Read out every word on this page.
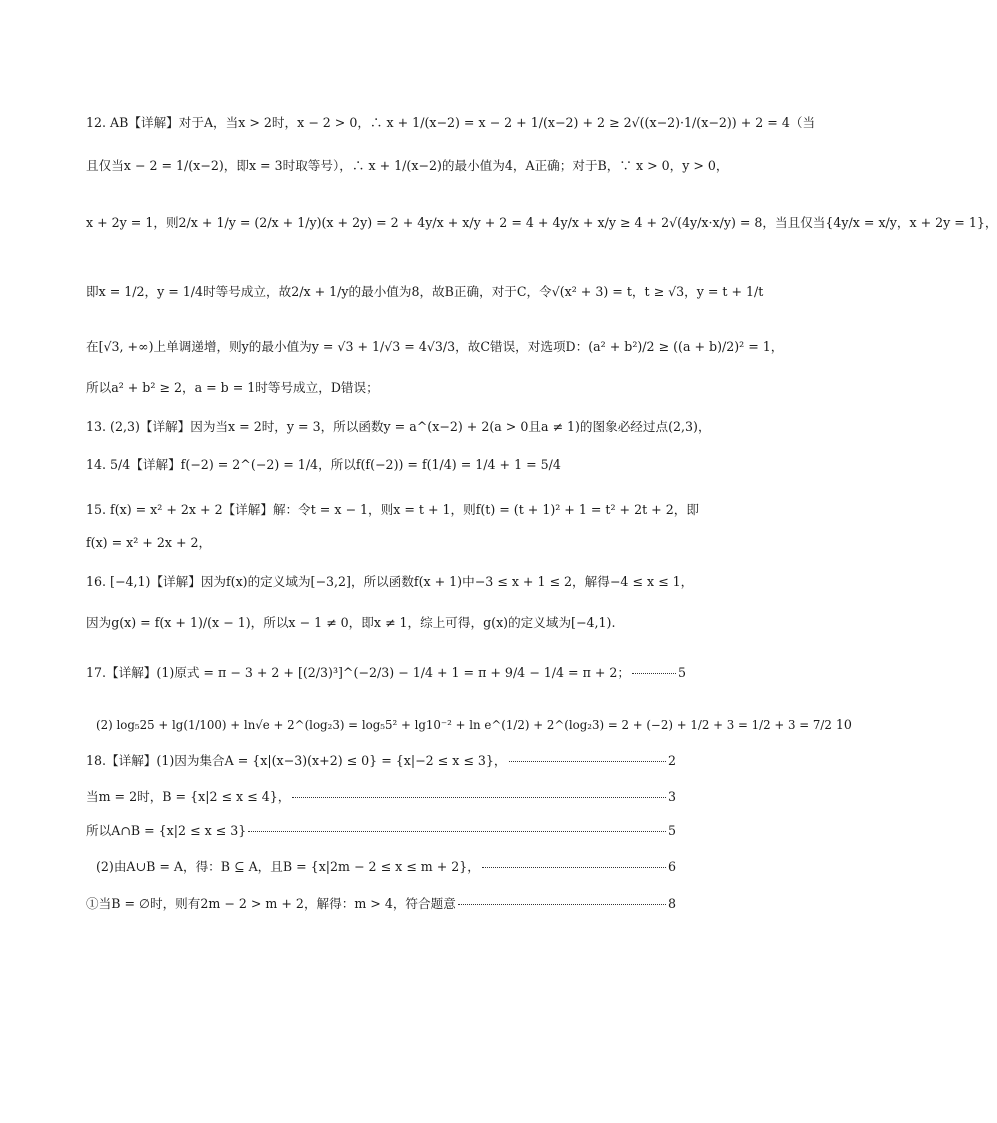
12. AB【详解】对于A，当x > 2时，x − 2 > 0，∴ x + 1/(x−2) = x − 2 + 1/(x−2) + 2 ≥ 2√((x−2)·1/(x−2)) + 2 = 4（当
且仅当x − 2 = 1/(x−2)，即x = 3时取等号），∴ x + 1/(x−2)的最小值为4，A正确；对于B，∵ x > 0，y > 0，
x + 2y = 1，则2/x + 1/y = (2/x + 1/y)(x + 2y) = 2 + 4y/x + x/y + 2 = 4 + 4y/x + x/y ≥ 4 + 2√(4y/x·x/y) = 8，当且仅当{4y/x = x/y，x + 2y = 1}，
即x = 1/2，y = 1/4时等号成立，故2/x + 1/y的最小值为8，故B正确，对于C，令√(x² + 3) = t，t ≥ √3，y = t + 1/t
在[√3, +∞)上单调递增，则y的最小值为y = √3 + 1/√3 = 4√3/3，故C错误，对选项D：(a² + b²)/2 ≥ ((a + b)/2)² = 1，
所以a² + b² ≥ 2，a = b = 1时等号成立，D错误；
13. (2,3)【详解】因为当x = 2时，y = 3，所以函数y = a^(x−2) + 2(a > 0且a ≠ 1)的图象必经过点(2,3)，
14. 5/4【详解】f(−2) = 2^(−2) = 1/4，所以f(f(−2)) = f(1/4) = 1/4 + 1 = 5/4
15. f(x) = x² + 2x + 2【详解】解：令t = x − 1，则x = t + 1，则f(t) = (t + 1)² + 1 = t² + 2t + 2，即
f(x) = x² + 2x + 2，
16. [−4,1)【详解】因为f(x)的定义域为[−3,2]，所以函数f(x + 1)中−3 ≤ x + 1 ≤ 2，解得−4 ≤ x ≤ 1，
因为g(x) = f(x + 1)/(x − 1)，所以x − 1 ≠ 0，即x ≠ 1，综上可得，g(x)的定义域为[−4,1).
17.【详解】(1)原式 = π − 3 + 2 + [(2/3)³]^(−2/3) − 1/4 + 1 = π + 9/4 − 1/4 = π + 2；	5
(2) log₅25 + lg(1/100) + ln√e + 2^(log₂3) = log₅5² + lg10⁻² + ln e^(1/2) + 2^(log₂3) = 2 + (−2) + 1/2 + 3 = 1/2 + 3 = 7/2 10
18.【详解】(1)因为集合A = {x|(x−3)(x+2) ≤ 0} = {x|−2 ≤ x ≤ 3}，	2
当m = 2时，B = {x|2 ≤ x ≤ 4}，	3
所以A∩B = {x|2 ≤ x ≤ 3}	5
(2)由A∪B = A，得：B ⊆ A，且B = {x|2m − 2 ≤ x ≤ m + 2}，	6
①当B = ∅时，则有2m − 2 > m + 2，解得：m > 4，符合题意	8
